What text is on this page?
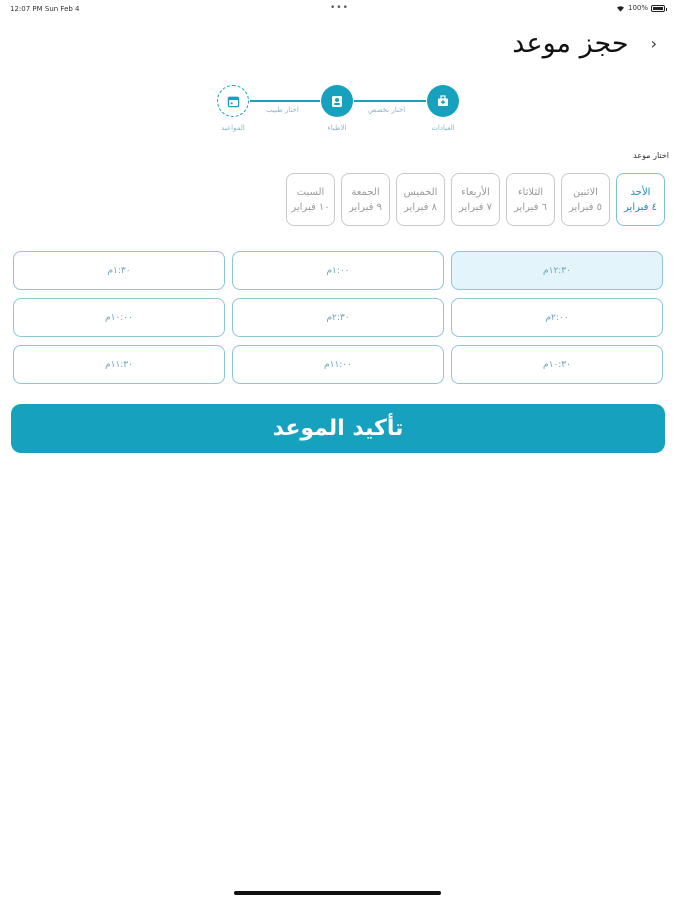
12:07 PM Sun Feb 4	•••	100%
حجز موعد ›
المواعيد
اختار طبيب
الاطباء
اختار تخصص
العيادات
اختار موعد
الأحد
٤ فبراير
الاثنين
٥ فبراير
الثلاثاء
٦ فبراير
الأربعاء
٧ فبراير
الخميس
٨ فبراير
الجمعة
٩ فبراير
السبت
١٠ فبراير
١٢:٣٠م
١:٠٠م
١:٣٠م
٢:٠٠م
٢:٣٠م
١٠:٠٠م
١٠:٣٠م
١١:٠٠م
١١:٣٠م
تأكيد الموعد
